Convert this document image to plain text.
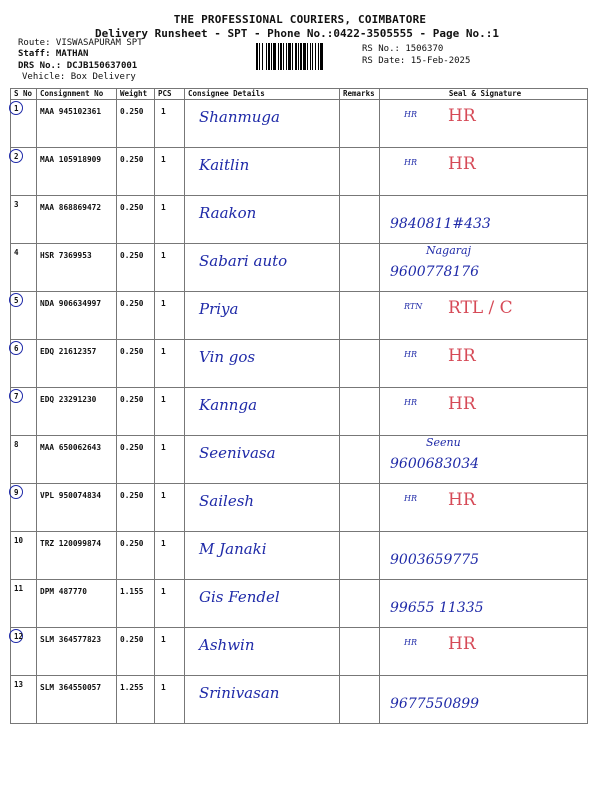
THE PROFESSIONAL COURIERS, COIMBATORE
Delivery Runsheet - SPT - Phone No.:0422-3505555 - Page No.:1
Route: VISWASAPURAM SPT
Staff: MATHAN
DRS No.: DCJB150637001
Vehicle: Box Delivery
RS No.: 1506370
RS Date: 15-Feb-2025
S No	Consignment No	Weight	PCS	Consignee Details	Remarks	Seal & Signature

1	MAA 945102361	0.250	1	Shanmuga		HR HR

2	MAA 105918909	0.250	1	Kaitlin		HR HR

3	MAA 868869472	0.250	1	Raakon		9840811#433

4	HSR 7369953	0.250	1	Sabari auto		Nagaraj
9600778176

5	NDA 906634997	0.250	1	Priya		RTN RTL / C

6	EDQ 21612357	0.250	1	Vin gos		HR HR

7	EDQ 23291230	0.250	1	Kannga		HR HR

8	MAA 650062643	0.250	1	Seenivasa		Seenu
9600683034

9	VPL 950074834	0.250	1	Sailesh		HR HR

10	TRZ 120099874	0.250	1	M Janaki		9003659775

11	DPM 487770	1.155	1	Gis Fendel		99655 11335

12	SLM 364577823	0.250	1	Ashwin		HR HR

13	SLM 364550057	1.255	1	Srinivasan		9677550899
